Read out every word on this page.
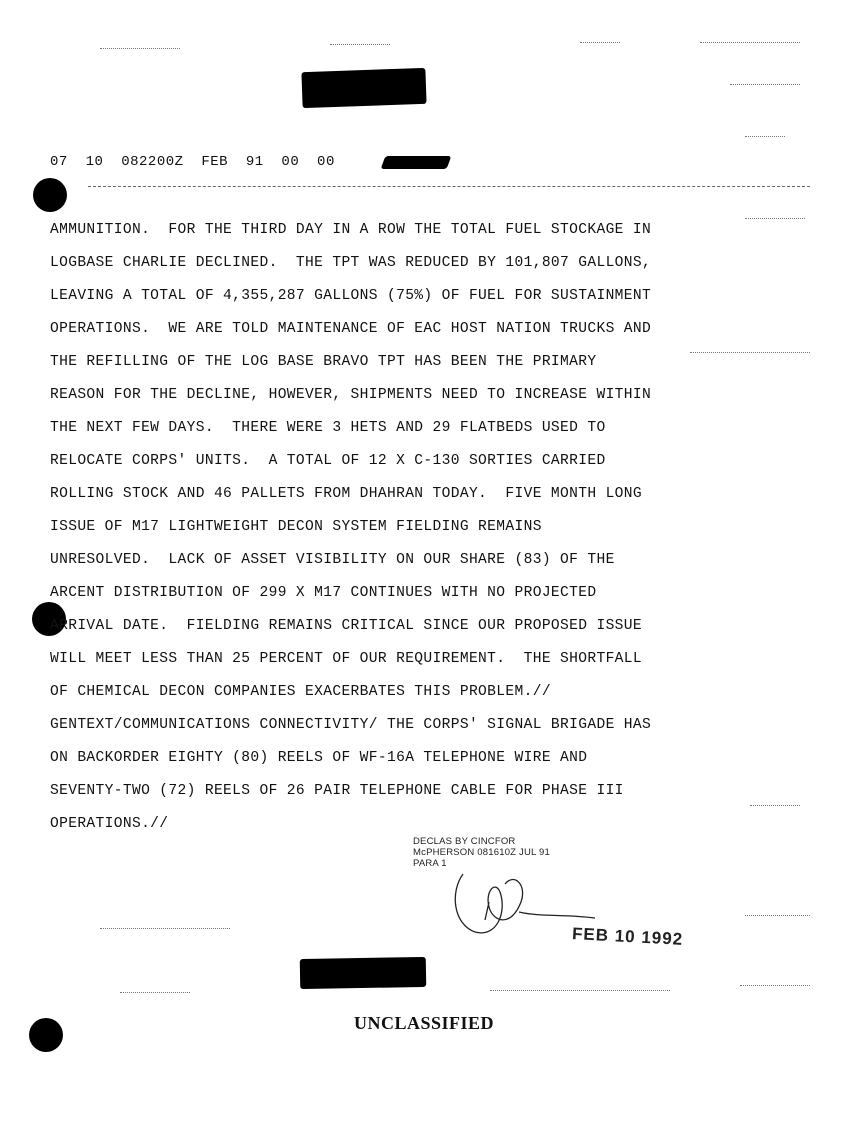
07  10  082200Z  FEB  91  00  00
AMMUNITION.  FOR THE THIRD DAY IN A ROW THE TOTAL FUEL STOCKAGE IN
LOGBASE CHARLIE DECLINED.  THE TPT WAS REDUCED BY 101,807 GALLONS,
LEAVING A TOTAL OF 4,355,287 GALLONS (75%) OF FUEL FOR SUSTAINMENT
OPERATIONS.  WE ARE TOLD MAINTENANCE OF EAC HOST NATION TRUCKS AND
THE REFILLING OF THE LOG BASE BRAVO TPT HAS BEEN THE PRIMARY
REASON FOR THE DECLINE, HOWEVER, SHIPMENTS NEED TO INCREASE WITHIN
THE NEXT FEW DAYS.  THERE WERE 3 HETS AND 29 FLATBEDS USED TO
RELOCATE CORPS' UNITS.  A TOTAL OF 12 X C-130 SORTIES CARRIED
ROLLING STOCK AND 46 PALLETS FROM DHAHRAN TODAY.  FIVE MONTH LONG
ISSUE OF M17 LIGHTWEIGHT DECON SYSTEM FIELDING REMAINS
UNRESOLVED.  LACK OF ASSET VISIBILITY ON OUR SHARE (83) OF THE
ARCENT DISTRIBUTION OF 299 X M17 CONTINUES WITH NO PROJECTED
ARRIVAL DATE.  FIELDING REMAINS CRITICAL SINCE OUR PROPOSED ISSUE
WILL MEET LESS THAN 25 PERCENT OF OUR REQUIREMENT.  THE SHORTFALL
OF CHEMICAL DECON COMPANIES EXACERBATES THIS PROBLEM.//
GENTEXT/COMMUNICATIONS CONNECTIVITY/ THE CORPS' SIGNAL BRIGADE HAS
ON BACKORDER EIGHTY (80) REELS OF WF-16A TELEPHONE WIRE AND
SEVENTY-TWO (72) REELS OF 26 PAIR TELEPHONE CABLE FOR PHASE III
OPERATIONS.//
DECLAS BY CINCFOR
McPHERSON 081610Z JUL 91
PARA 1
FEB 10 1992
UNCLASSIFIED
